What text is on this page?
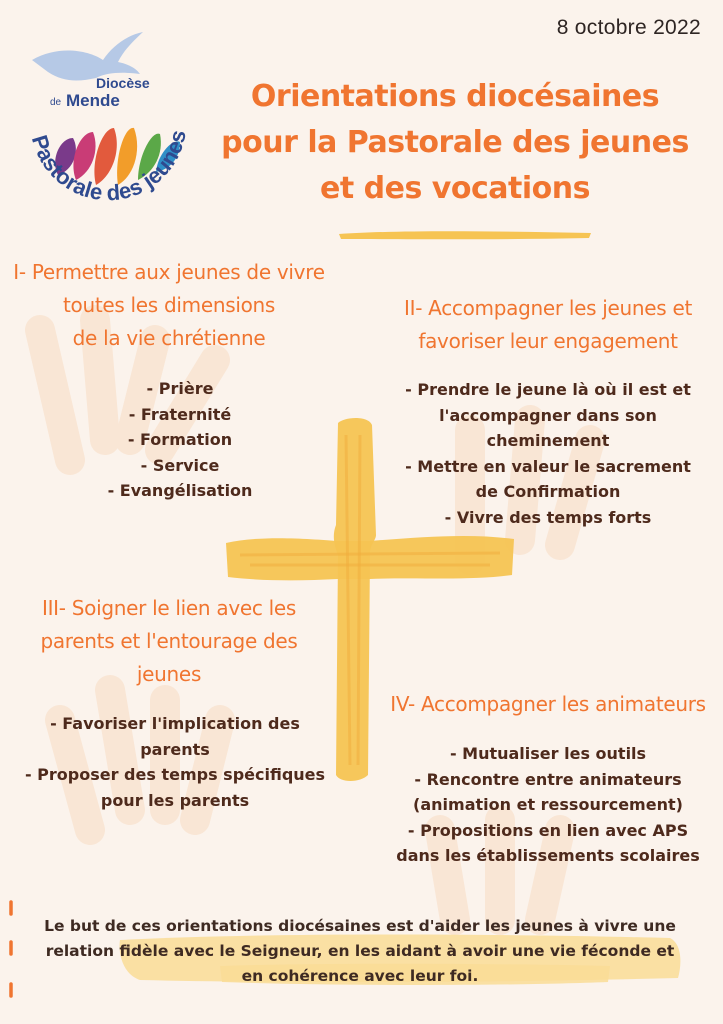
Diocèse
de Mende
Pastorale des jeunes
8 octobre 2022
Orientations diocésaines
pour la Pastorale des jeunes
et des vocations
I- Permettre aux jeunes de vivre
toutes les dimensions
de la vie chrétienne
- Prière
- Fraternité
- Formation
- Service
- Evangélisation
II- Accompagner les jeunes et
favoriser leur engagement
- Prendre le jeune là où il est et
l'accompagner dans son
cheminement
- Mettre en valeur le sacrement
de Confirmation
- Vivre des temps forts
III- Soigner le lien avec les
parents et l'entourage des
jeunes
- Favoriser l'implication des
parents
- Proposer des temps spécifiques
pour les parents
IV- Accompagner les animateurs
- Mutualiser les outils
- Rencontre entre animateurs
(animation et ressourcement)
- Propositions en lien avec APS
dans les établissements scolaires
Le but de ces orientations diocésaines est d'aider les jeunes à vivre une
relation fidèle avec le Seigneur, en les aidant à avoir une vie féconde et
en cohérence avec leur foi.
